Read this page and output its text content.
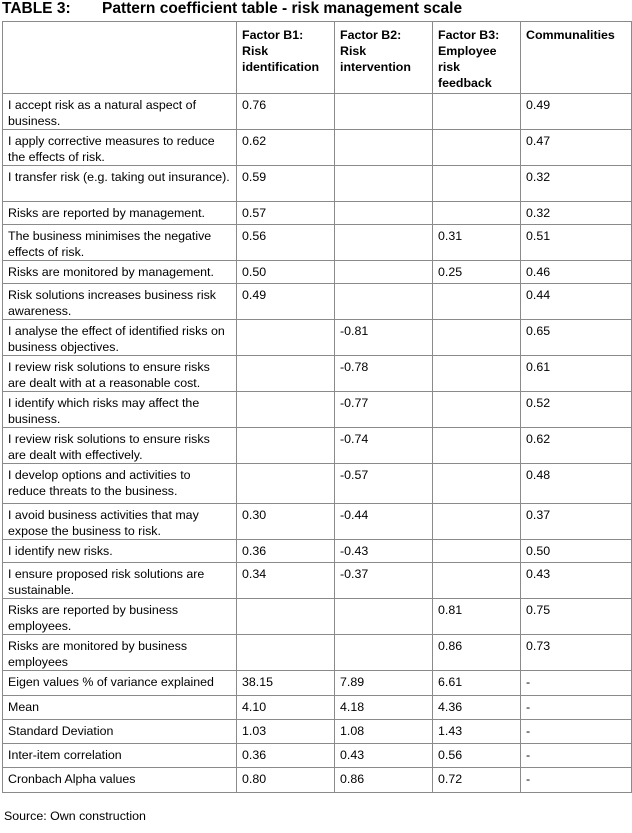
TABLE 3: Pattern coefficient table - risk management scale
	Factor B1: Risk identification	Factor B2: Risk intervention	Factor B3: Employee risk feedback	Communalities
I accept risk as a natural aspect of business.	0.76			0.49
I apply corrective measures to reduce the effects of risk.	0.62			0.47
I transfer risk (e.g. taking out insurance).	0.59			0.32
Risks are reported by management.	0.57			0.32
The business minimises the negative effects of risk.	0.56		0.31	0.51
Risks are monitored by management.	0.50		0.25	0.46
Risk solutions increases business risk awareness.	0.49			0.44
I analyse the effect of identified risks on business objectives.		-0.81		0.65
I review risk solutions to ensure risks are dealt with at a reasonable cost.		-0.78		0.61
I identify which risks may affect the business.		-0.77		0.52
I review risk solutions to ensure risks are dealt with effectively.		-0.74		0.62
I develop options and activities to reduce threats to the business.		-0.57		0.48
I avoid business activities that may expose the business to risk.	0.30	-0.44		0.37
I identify new risks.	0.36	-0.43		0.50
I ensure proposed risk solutions are sustainable.	0.34	-0.37		0.43
Risks are reported by business employees.			0.81	0.75
Risks are monitored by business employees			0.86	0.73
Eigen values % of variance explained	38.15	7.89	6.61	-
Mean	4.10	4.18	4.36	-
Standard Deviation	1.03	1.08	1.43	-
Inter-item correlation	0.36	0.43	0.56	-
Cronbach Alpha values	0.80	0.86	0.72	-
Source: Own construction
